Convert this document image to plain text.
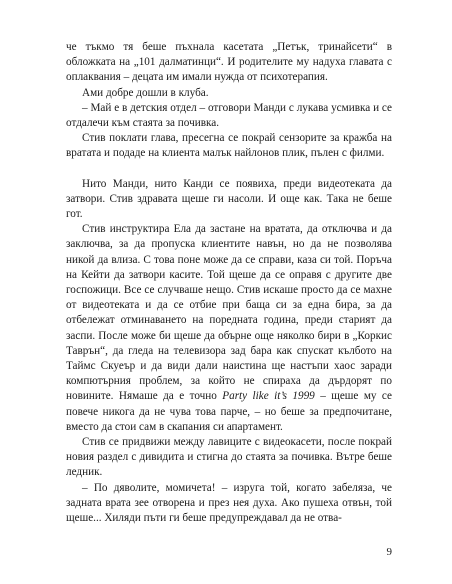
че тъкмо тя беше пъхнала касетата „Петък, тринайсети“ в обложката на „101 далматинци“. И родителите му надуха главата с оплаквания – децата им имали нужда от психотерапия.

Ами добре дошли в клуба.

– Май е в детския отдел – отговори Манди с лукава усмивка и се отдалечи към стаята за почивка.

Стив поклати глава, пресегна се покрай сензорите за кражба на вратата и подаде на клиента малък найлонов плик, пълен с филми.

Нито Манди, нито Канди се появиха, преди видеотеката да затвори. Стив здравата щеше ги насоли. И още как. Така не беше гот.

Стив инструктира Ела да застане на вратата, да отключва и да заключва, за да пропуска клиентите навън, но да не позволява никой да влиза. С това поне може да се справи, каза си той. Поръча на Кейти да затвори касите. Той щеше да се оправя с другите две госпожици. Все се случваше нещо. Стив искаше просто да се махне от видеотеката и да се отбие при баща си за една бира, за да отбележат отминаването на поредната година, преди старият да заспи. После може би щеше да обърне още няколко бири в „Коркис Таврън“, да гледа на телевизора зад бара как спускат кълбото на Таймс Скуеър и да види дали наистина ще настъпи хаос заради компютърния проблем, за който не спираха да дърдорят по новините. Нямаше да е точно Party like it’s 1999 – щеше му се повече никога да не чува това парче, – но беше за предпочитане, вместо да стои сам в скапания си апартамент.

Стив се придвижи между лавиците с видеокасети, после покрай новия раздел с дивидита и стигна до стаята за почивка. Вътре беше ледник.

– По дяволите, момичета! – изруга той, когато забеляза, че задната врата зее отворена и през нея духа. Ако пушеха отвън, той щеше... Хиляди пъти ги беше предупреждавал да не отва-

9
